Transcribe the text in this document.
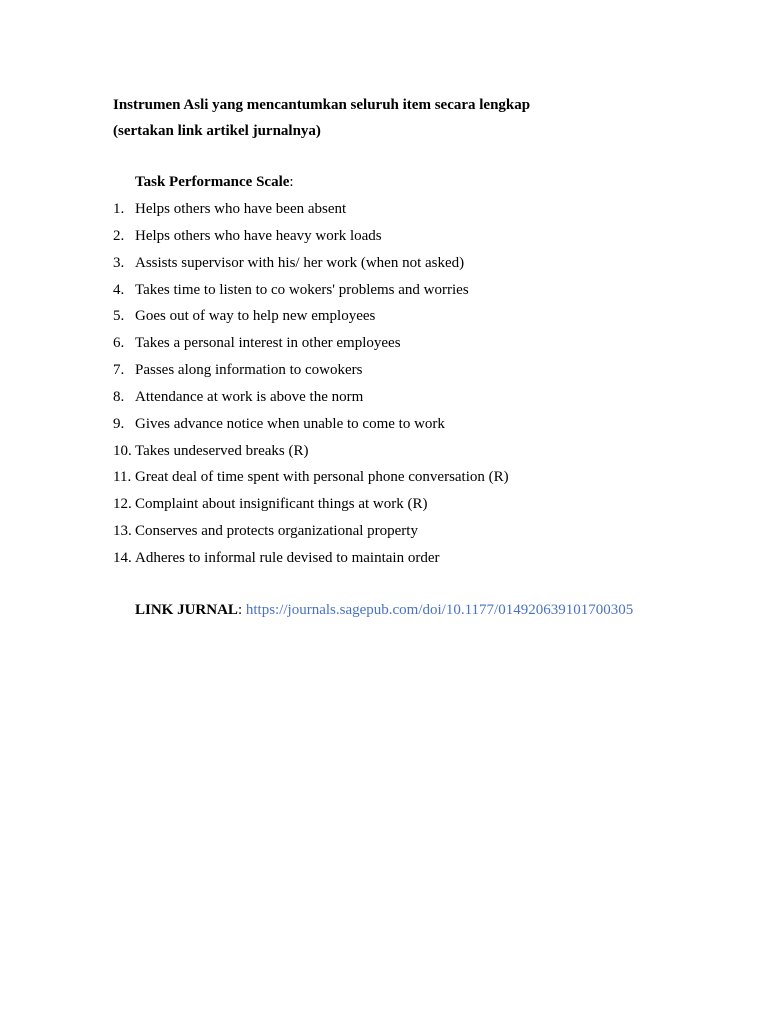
Instrumen Asli yang mencantumkan seluruh item secara lengkap
(sertakan link artikel jurnalnya)
Task Performance Scale:
1. Helps others who have been absent
2. Helps others who have heavy work loads
3. Assists supervisor with his/ her work (when not asked)
4. Takes time to listen to co wokers' problems and worries
5. Goes out of way to help new employees
6. Takes a personal interest in other employees
7. Passes along information to cowokers
8. Attendance at work is above the norm
9. Gives advance notice when unable to come to work
10. Takes undeserved breaks (R)
11. Great deal of time spent with personal phone conversation (R)
12. Complaint about insignificant things at work (R)
13. Conserves and protects organizational property
14. Adheres to informal rule devised to maintain order
LINK JURNAL: https://journals.sagepub.com/doi/10.1177/014920639101700305
